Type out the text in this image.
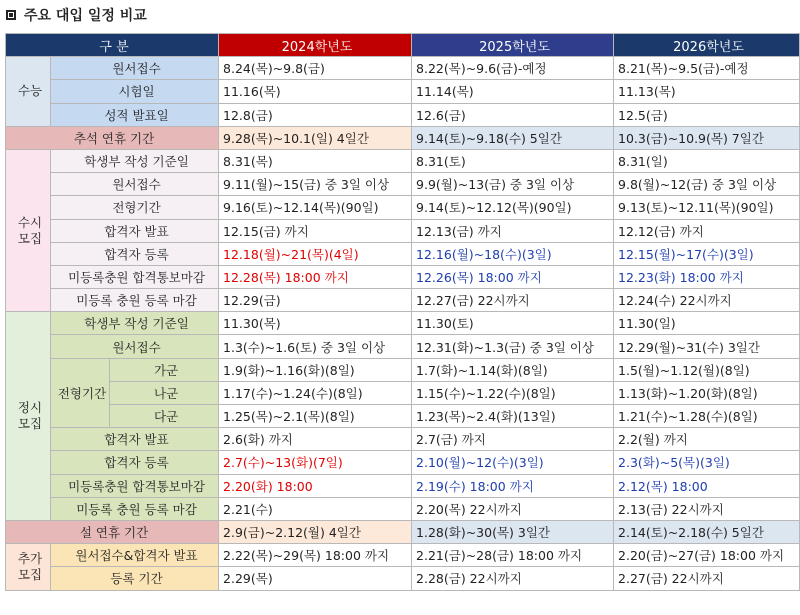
주요 대입 일정 비교
구 분			2024학년도	2025학년도	2026학년도
수능	원서접수		8.24(목)~9.8(금)	8.22(목)~9.6(금)-예정	8.21(목)~9.5(금)-예정
	시험일		11.16(목)	11.14(목)	11.13(목)
	성적 발표일		12.8(금)	12.6(금)	12.5(금)
추석 연휴 기간			9.28(목)~10.1(일) 4일간	9.14(토)~9.18(수) 5일간	10.3(금)~10.9(목) 7일간
수시
모집	학생부 작성 기준일		8.31(목)	8.31(토)	8.31(일)
	원서접수		9.11(월)~15(금) 중 3일 이상	9.9(월)~13(금) 중 3일 이상	9.8(월)~12(금) 중 3일 이상
	전형기간		9.16(토)~12.14(목)(90일)	9.14(토)~12.12(목)(90일)	9.13(토)~12.11(목)(90일)
	합격자 발표		12.15(금) 까지	12.13(금) 까지	12.12(금) 까지
	합격자 등록		12.18(월)~21(목)(4일)	12.16(월)~18(수)(3일)	12.15(월)~17(수)(3일)
	미등록충원 합격통보마감		12.28(목) 18:00 까지	12.26(목) 18:00 까지	12.23(화) 18:00 까지
	미등록 충원 등록 마감		12.29(금)	12.27(금) 22시까지	12.24(수) 22시까지
정시
모집	학생부 작성 기준일		11.30(목)	11.30(토)	11.30(일)
	원서접수		1.3(수)~1.6(토) 중 3일 이상	12.31(화)~1.3(금) 중 3일 이상	12.29(월)~31(수) 3일간
	전형기간	가군	1.9(화)~1.16(화)(8일)	1.7(화)~1.14(화)(8일)	1.5(월)~1.12(월)(8일)
		나군	1.17(수)~1.24(수)(8일)	1.15(수)~1.22(수)(8일)	1.13(화)~1.20(화)(8일)
		다군	1.25(목)~2.1(목)(8일)	1.23(목)~2.4(화)(13일)	1.21(수)~1.28(수)(8일)
	합격자 발표		2.6(화) 까지	2.7(금) 까지	2.2(월) 까지
	합격자 등록		2.7(수)~13(화)(7일)	2.10(월)~12(수)(3일)	2.3(화)~5(목)(3일)
	미등록충원 합격통보마감		2.20(화) 18:00	2.19(수) 18:00 까지	2.12(목) 18:00
	미등록 충원 등록 마감		2.21(수)	2.20(목) 22시까지	2.13(금) 22시까지
설 연휴 기간			2.9(금)~2.12(월) 4일간	1.28(화)~30(목) 3일간	2.14(토)~2.18(수) 5일간
추가
모집	원서접수&합격자 발표		2.22(목)~29(목) 18:00 까지	2.21(금)~28(금) 18:00 까지	2.20(금)~27(금) 18:00 까지
	등록 기간		2.29(목)	2.28(금) 22시까지	2.27(금) 22시까지
